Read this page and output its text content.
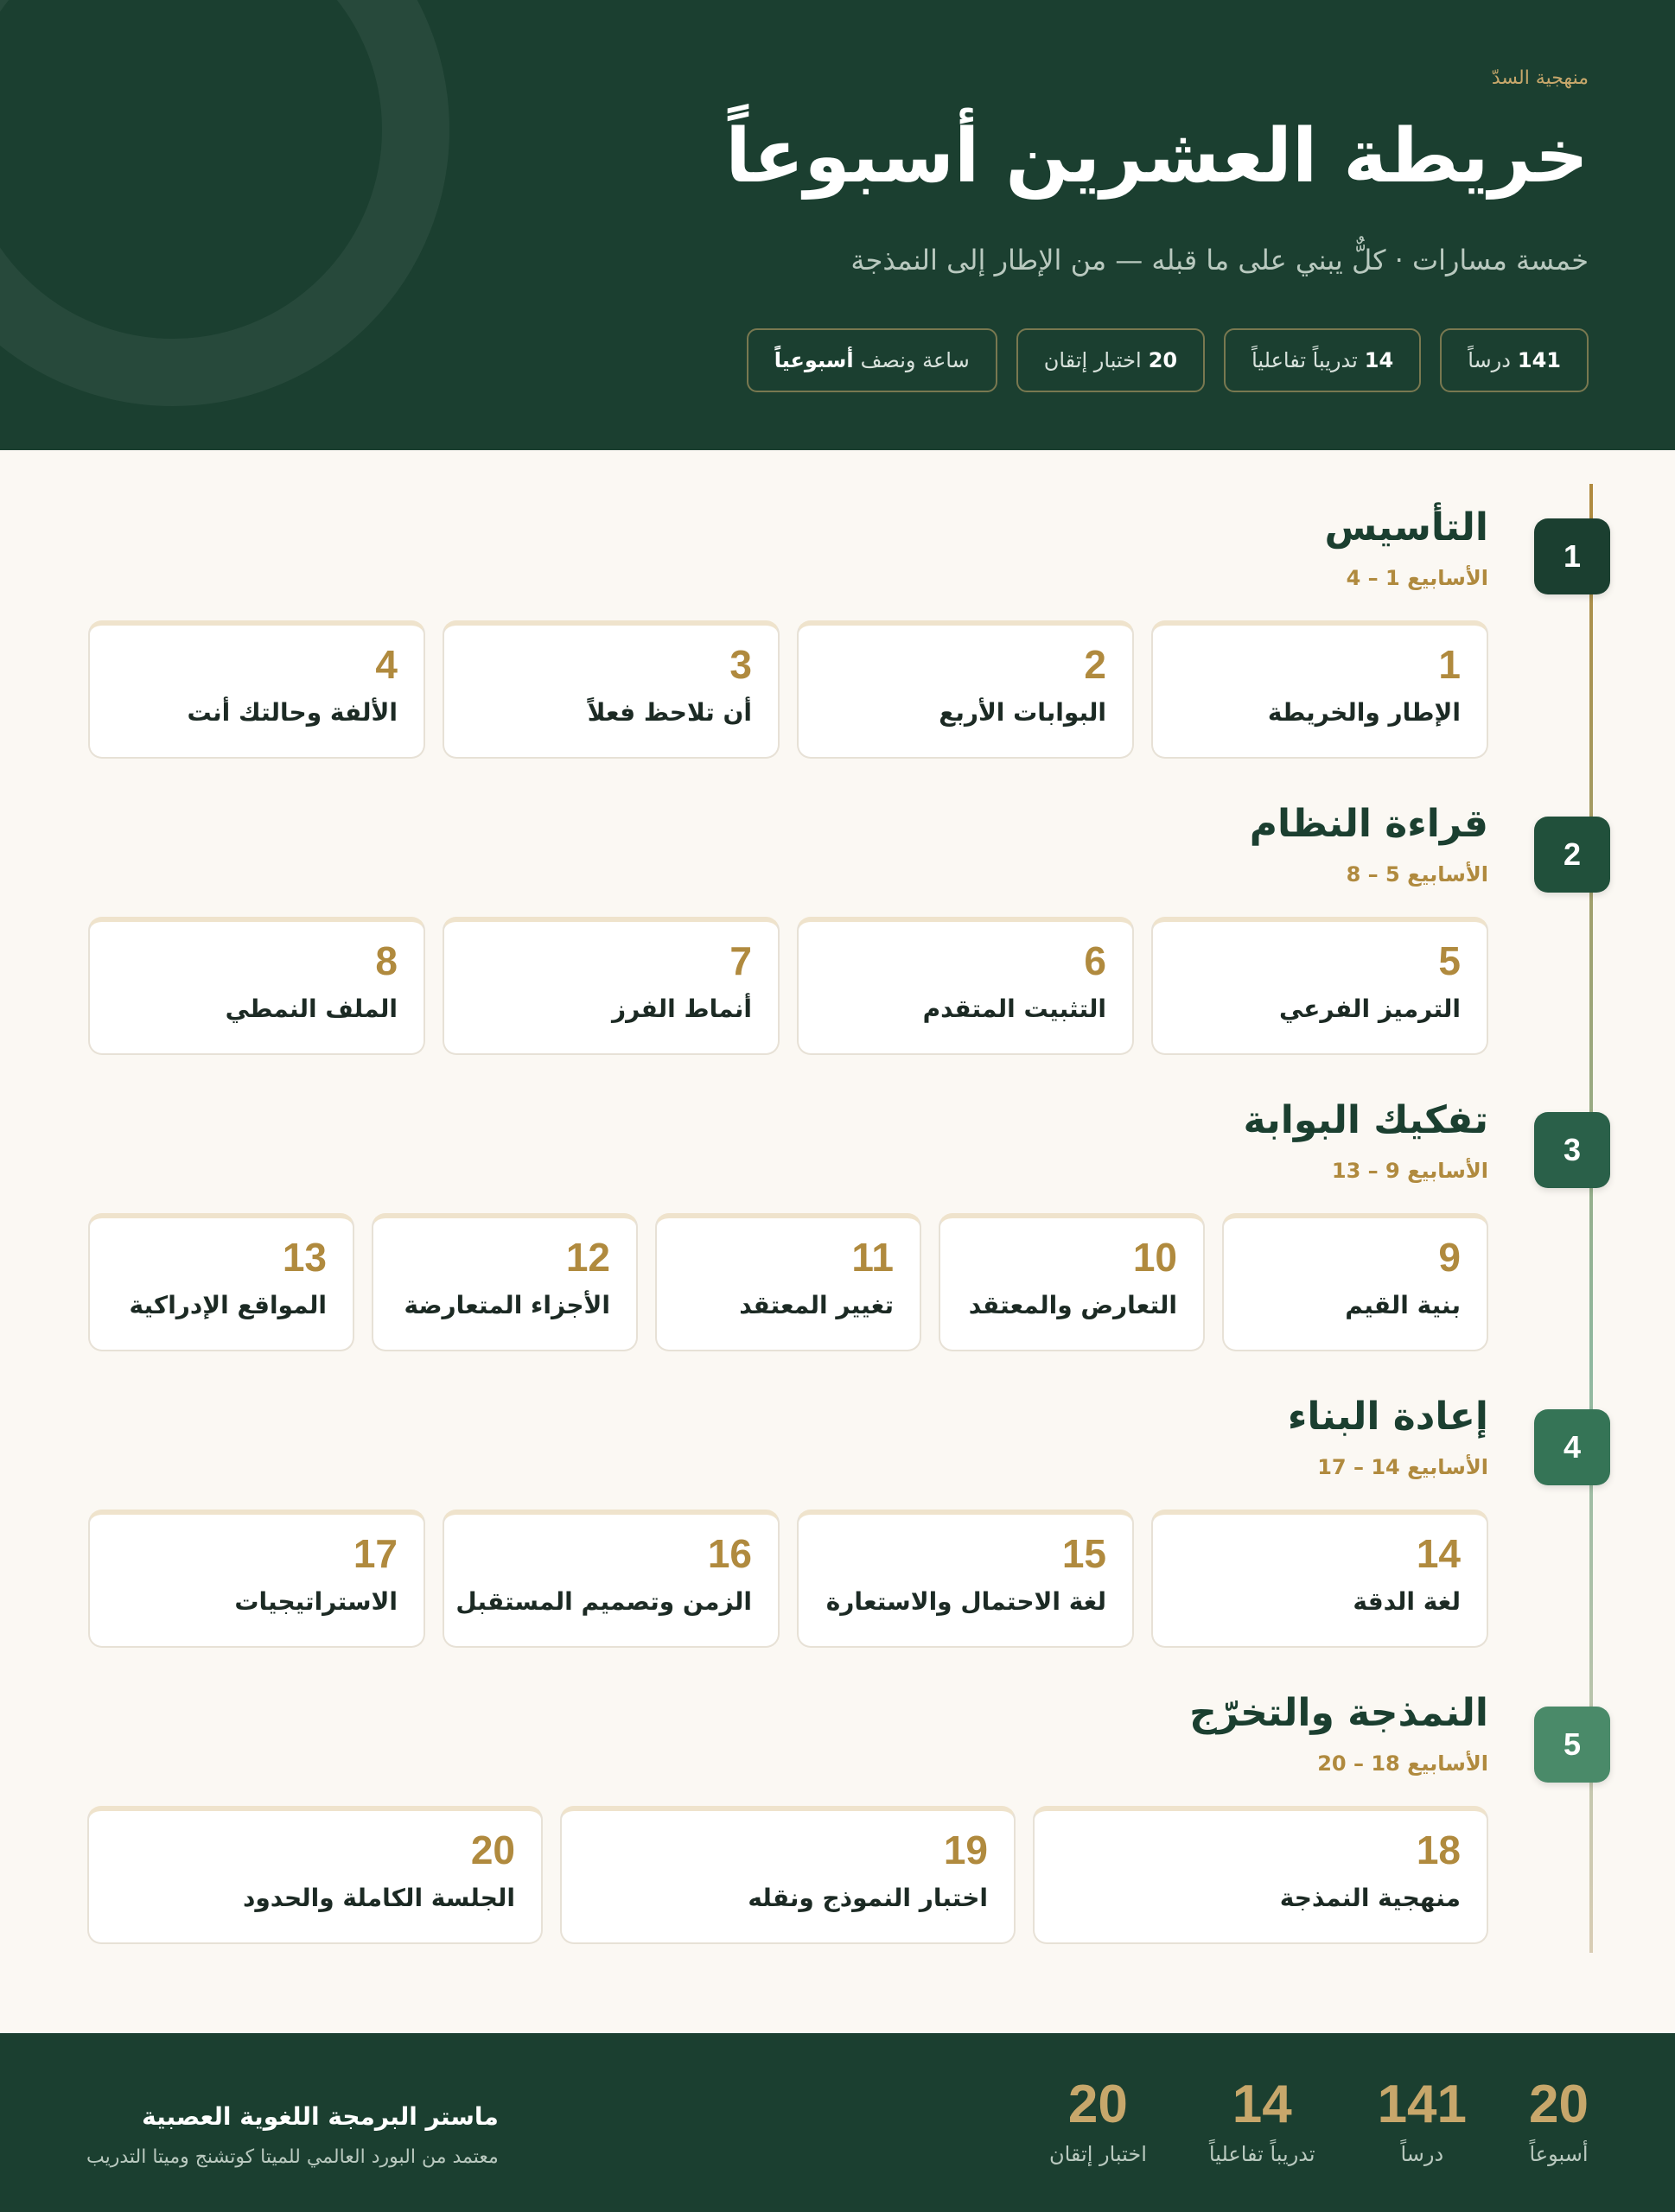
منهجية السدّ
خريطة العشرين أسبوعاً
خمسة مسارات · كلٌّ يبني على ما قبله — من الإطار إلى النمذجة
141
درساً
14
تدريباً تفاعلياً
20
اختبار إتقان
ساعة ونصف
أسبوعياً
1
التأسيس
الأسابيع 1 – 4
1
الإطار والخريطة
2
البوابات الأربع
3
أن تلاحظ فعلاً
4
الألفة وحالتك أنت
2
قراءة النظام
الأسابيع 5 – 8
5
الترميز الفرعي
6
التثبيت المتقدم
7
أنماط الفرز
8
الملف النمطي
3
تفكيك البوابة
الأسابيع 9 – 13
9
بنية القيم
10
التعارض والمعتقد
11
تغيير المعتقد
12
الأجزاء المتعارضة
13
المواقع الإدراكية
4
إعادة البناء
الأسابيع 14 – 17
14
لغة الدقة
15
لغة الاحتمال والاستعارة
16
الزمن وتصميم المستقبل
17
الاستراتيجيات
5
النمذجة والتخرّج
الأسابيع 18 – 20
18
منهجية النمذجة
19
اختبار النموذج ونقله
20
الجلسة الكاملة والحدود
20
أسبوعاً
141
درساً
14
تدريباً تفاعلياً
20
اختبار إتقان
ماستر البرمجة اللغوية العصبية
معتمد من البورد العالمي للميتا كوتشنج وميتا التدريب
